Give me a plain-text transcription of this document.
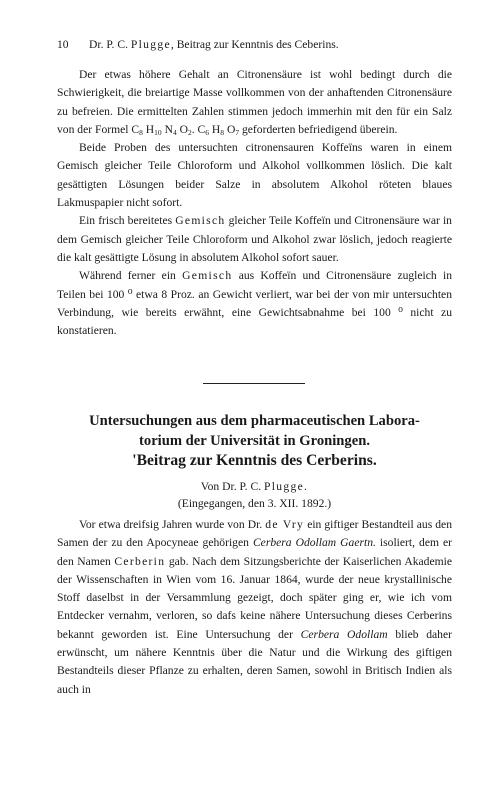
10 Dr. P. C. Plugge, Beitrag zur Kenntnis des Ceberins.

Der etwas höhere Gehalt an Citronensäure ist wohl bedingt durch die Schwierigkeit, die breiartige Masse vollkommen von der anhaftenden Citronensäure zu befreien. Die ermittelten Zahlen stimmen jedoch immerhin mit den für ein Salz von der Formel $C_8$ $H_{10}$ $N_4$ $O_2$. $C_6$ $H_8$ $O_7$ geforderten befriedigend überein.

Beide Proben des untersuchten citronensauren Koffeïns waren in einem Gemisch gleicher Teile Chloroform und Alkohol vollkommen löslich. Die kalt gesättigten Lösungen beider Salze in absolutem Alkohol röteten blaues Lakmuspapier nicht sofort.

Ein frisch bereitetes Gemisch gleicher Teile Koffeïn und Citronensäure war in dem Gemisch gleicher Teile Chloroform und Alkohol zwar löslich, jedoch reagierte die kalt gesättigte Lösung in absolutem Alkohol sofort sauer.

Während ferner ein Gemisch aus Koffeïn und Citronensäure zugleich in Teilen bei 100 ⁰ etwa 8 Proz. an Gewicht verliert, war bei der von mir untersuchten Verbindung, wie bereits erwähnt, eine Gewichtsabnahme bei 100 ⁰ nicht zu konstatieren.

Untersuchungen aus dem pharmaceutischen Labora-
torium der Universität in Groningen.
'Beitrag zur Kenntnis des Cerberins.
Von Dr. P. C. Plugge.
(Eingegangen, den 3. XII. 1892.)

Vor etwa dreifsig Jahren wurde von Dr. de Vry ein giftiger Bestandteil aus den Samen der zu den Apocyneae gehörigen Cerbera Odollam Gaertn. isoliert, dem er den Namen Cerberin gab. Nach dem Sitzungsberichte der Kaiserlichen Akademie der Wissenschaften in Wien vom 16. Januar 1864, wurde der neue krystallinische Stoff daselbst in der Versammlung gezeigt, doch später ging er, wie ich vom Entdecker vernahm, verloren, so dafs keine nähere Untersuchung dieses Cerberins bekannt geworden ist. Eine Untersuchung der Cerbera Odollam blieb daher erwünscht, um nähere Kenntnis über die Natur und die Wirkung des giftigen Bestandteils dieser Pflanze zu erhalten, deren Samen, sowohl in Britisch Indien als auch in
